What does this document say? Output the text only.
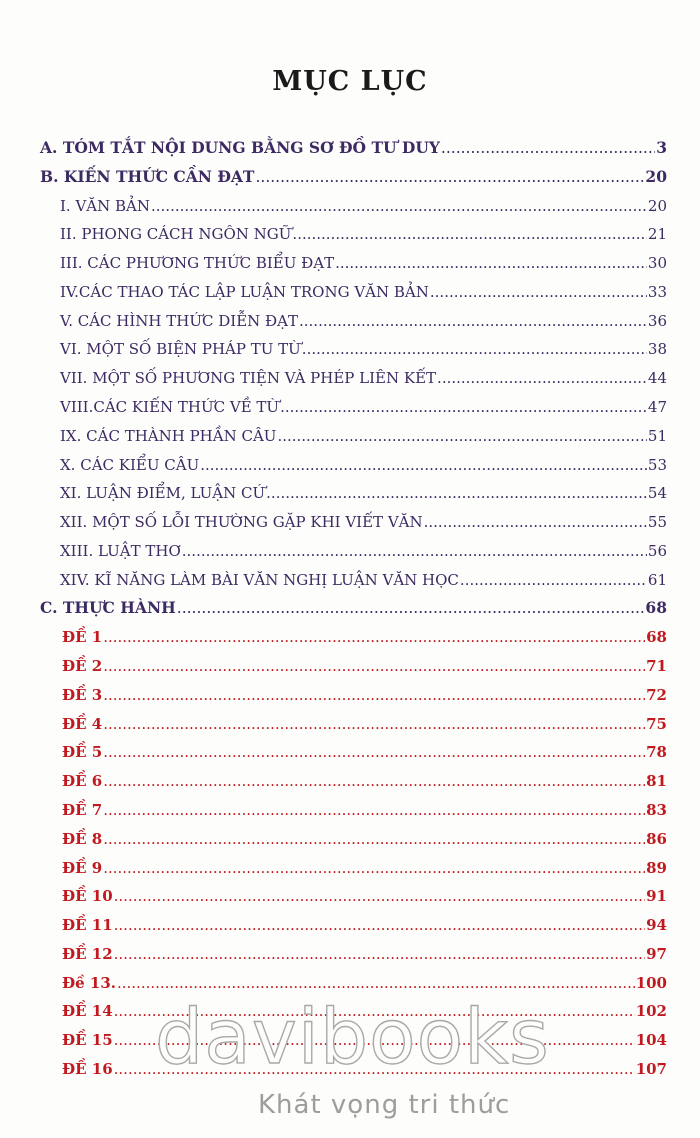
MỤC LỤC
A. TÓM TẮT NỘI DUNG BẰNG SƠ ĐỒ TƯ DUY .....	3
B. KIẾN THỨC CẦN ĐẠT .....	20
I. VĂN BẢN .....	20
II. PHONG CÁCH NGÔN NGỮ .....	21
III. CÁC PHƯƠNG THỨC BIỂU ĐẠT .....	30
IV.CÁC THAO TÁC LẬP LUẬN TRONG VĂN BẢN .....	33
V. CÁC HÌNH THỨC DIỄN ĐẠT .....	36
VI. MỘT SỐ BIỆN PHÁP TU TỪ .....	38
VII. MỘT SỐ PHƯƠNG TIỆN VÀ PHÉP LIÊN KẾT .....	44
VIII.CÁC KIẾN THỨC VỀ TỪ .....	47
IX. CÁC THÀNH PHẦN CÂU .....	51
X. CÁC KIỂU CÂU .....	53
XI. LUẬN ĐIỂM, LUẬN CỨ .....	54
XII. MỘT SỐ LỖI THƯỜNG GẶP KHI VIẾT VĂN .....	55
XIII. LUẬT THƠ .....	56
XIV. KĨ NĂNG LÀM BÀI VĂN NGHỊ LUẬN VĂN HỌC .....	61
C. THỰC HÀNH .....	68
ĐỀ 1 .....	68
ĐỀ 2 .....	71
ĐỀ 3 .....	72
ĐỀ 4 .....	75
ĐỀ 5 .....	78
ĐỀ 6 .....	81
ĐỀ 7 .....	83
ĐỀ 8 .....	86
ĐỀ 9 .....	89
ĐỀ 10 .....	91
ĐỀ 11 .....	94
ĐỀ 12 .....	97
Đề 13. .....	100
ĐỀ 14 .....	102
ĐỀ 15 .....	104
ĐỀ 16 .....	107
davibooks
Khát vọng tri thức
